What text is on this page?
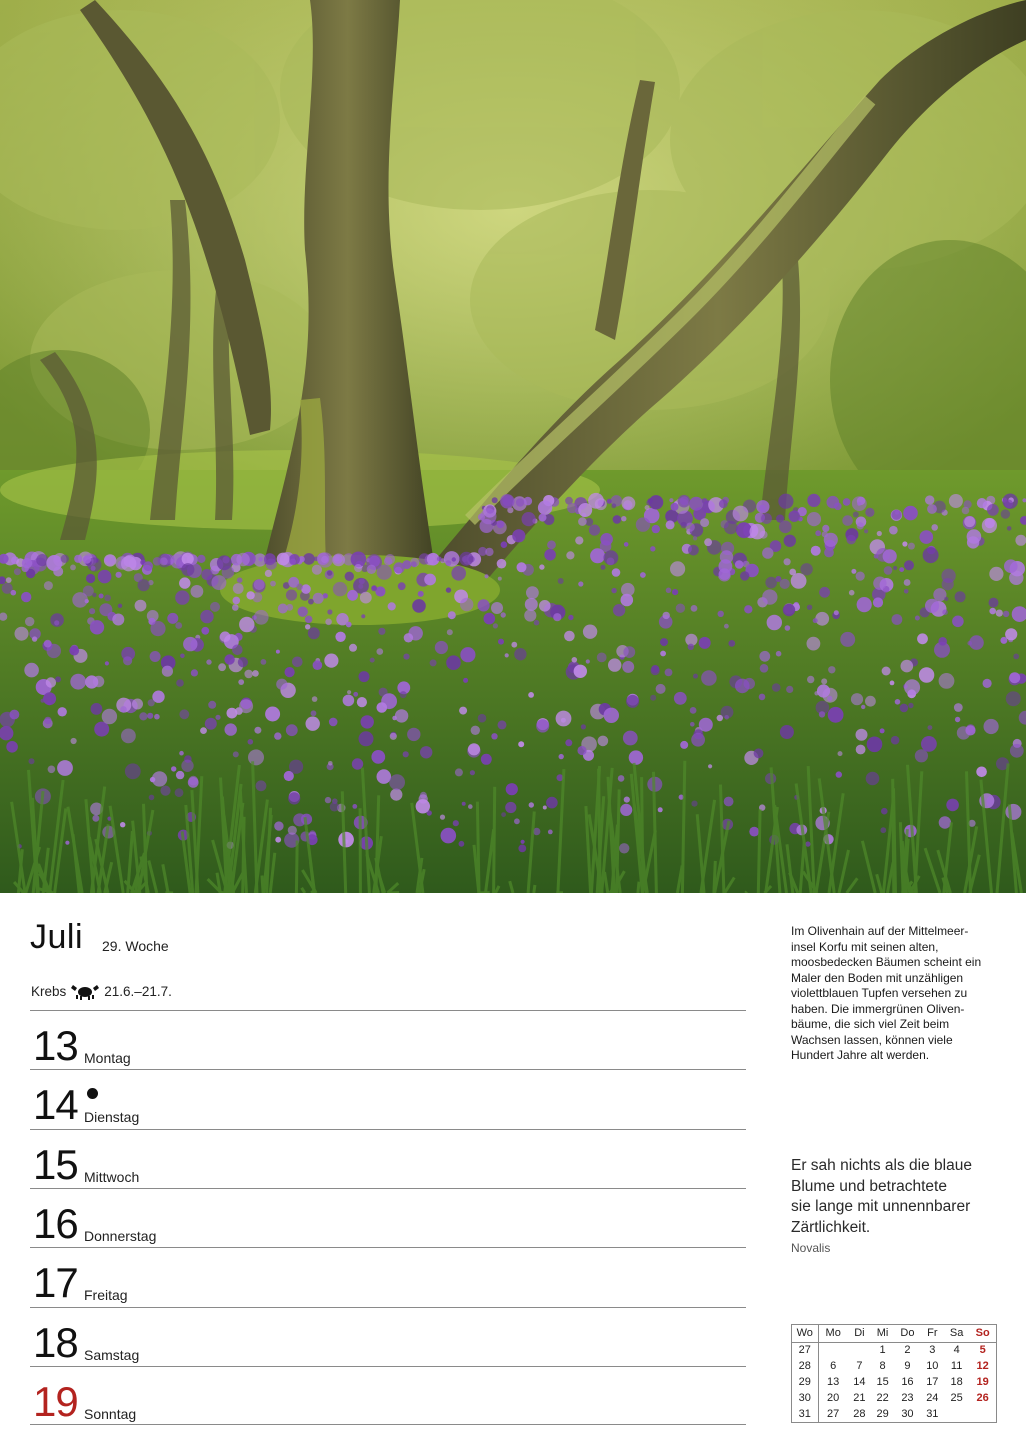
Juli 29. Woche
Krebs	21.6.–21.7.
13 Montag
14 Dienstag
15 Mittwoch
16 Donnerstag
17 Freitag
18 Samstag
19 Sonntag

Im Olivenhain auf der Mittelmeer-
insel Korfu mit seinen alten,
moosbedecken Bäumen scheint ein
Maler den Boden mit unzähligen
violettblauen Tupfen versehen zu
haben. Die immergrünen Oliven-
bäume, die sich viel Zeit beim
Wachsen lassen, können viele
Hundert Jahre alt werden.

Er sah nichts als die blaue
Blume und betrachtete
sie lange mit unnennbarer
Zärtlichkeit.
Novalis
Wo	Mo	Di	Mi	Do	Fr	Sa	So
27			1	2	3	4	5
28	6	7	8	9	10	11	12
29	13	14	15	16	17	18	19
30	20	21	22	23	24	25	26
31	27	28	29	30	31		
